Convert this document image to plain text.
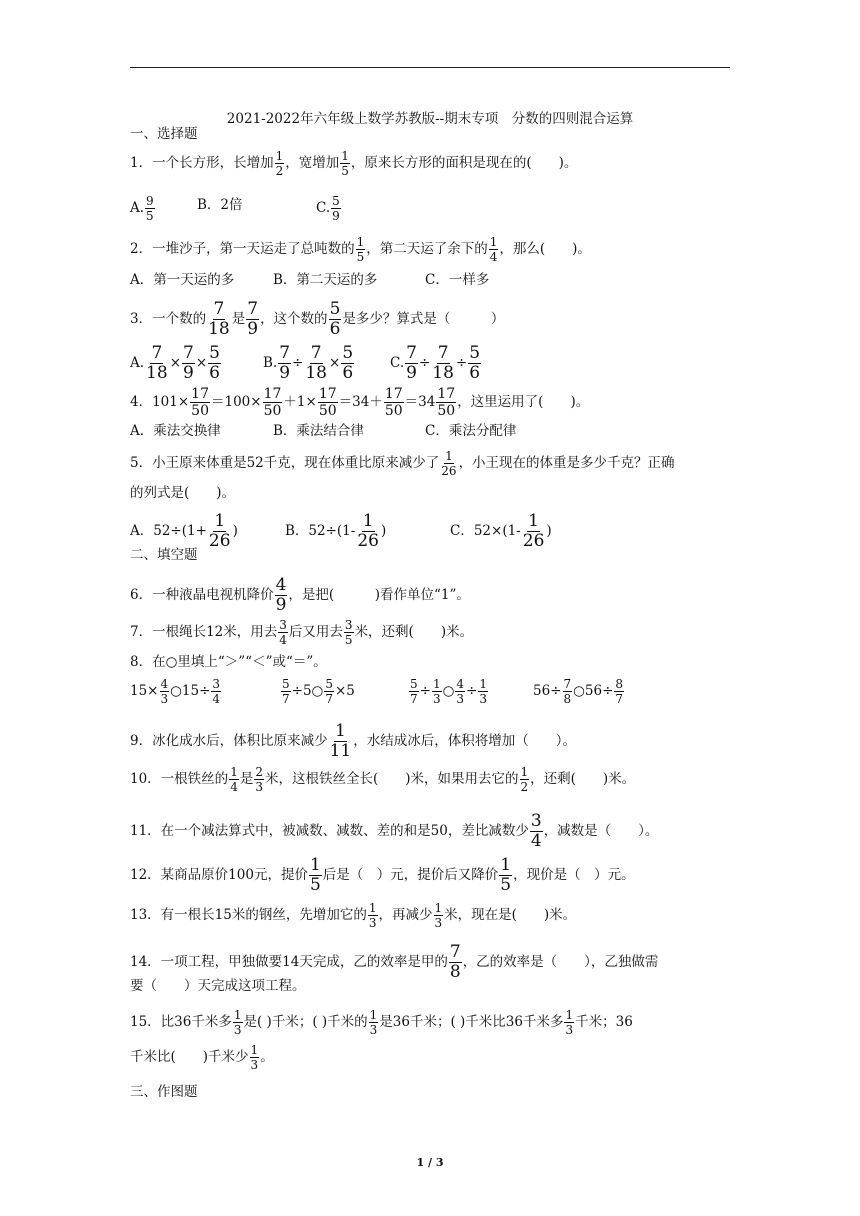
2021-2022年六年级上数学苏教版--期末专项　分数的四则混合运算
一、选择题
1．一个长方形，长增加 $\frac{1}{2}$ ，宽增加 $\frac{1}{5}$ ，原来长方形的面积是现在的(　　)。
A. $\frac{9}{5}$	B．2倍	C. $\frac{5}{9}$
2．一堆沙子，第一天运走了总吨数的 $\frac{1}{5}$ ，第二天运了余下的 $\frac{1}{4}$ ，那么(　　)。
A．第一天运的多	B．第二天运的多	C．一样多
3．一个数的 $\frac{7}{18}$ 是 $\frac{7}{9}$ ，这个数的 $\frac{5}{6}$ 是多少？算式是（　　　）
A. $\frac{7}{18} \times \frac{7}{9} \times \frac{5}{6}$	B. $\frac{7}{9} \div \frac{7}{18} \times \frac{5}{6}$	C. $\frac{7}{9} \div \frac{7}{18} \div \frac{5}{6}$
4．$101\times \frac{17}{50} =100\times \frac{17}{50} +1\times \frac{17}{50} =34+ \frac{17}{50} =34 \frac{17}{50}$ ，这里运用了(　　)。
A．乘法交换律	B．乘法结合律	C．乘法分配律
5．小王原来体重是52千克，现在体重比原来减少了 $\frac{1}{26}$ ，小王现在的体重是多少千克？正确
的列式是(　　)。
A．$52\div(1+ \frac{1}{26}$ )	B．$52\div(1- \frac{1}{26}$ )	C．$52\times(1- \frac{1}{26}$ )
二、填空题
6．一种液晶电视机降价 $\frac{4}{9}$ ，是把(　　　)看作单位“1”。
7．一根绳长12米，用去 $\frac{3}{4}$ 后又用去 $\frac{3}{5}$ 米，还剩(　　)米。
8．在○里填上“＞”“＜”或“＝”。
$15\times \frac{4}{3}$ ○15÷ $\frac{3}{4}$	$\frac{5}{7}$ ÷5○ $\frac{5}{7} \times 5$	$\frac{5}{7} \div \frac{1}{3}$ ○ $\frac{4}{3} \div \frac{1}{3}$	$56\div \frac{7}{8}$ ○56÷ $\frac{8}{7}$
9．冰化成水后，体积比原来减少 $\frac{1}{11}$ ，水结成冰后，体积将增加（　　）。
10．一根铁丝的 $\frac{1}{4}$ 是 $\frac{2}{3}$ 米，这根铁丝全长(　　)米，如果用去它的 $\frac{1}{2}$ ，还剩(　　)米。
11．在一个减法算式中，被减数、减数、差的和是50，差比减数少 $\frac{3}{4}$ ，减数是（　　）。
12．某商品原价100元，提价 $\frac{1}{5}$ 后是（　）元，提价后又降价 $\frac{1}{5}$ ，现价是（　）元。
13．有一根长15米的钢丝，先增加它的 $\frac{1}{3}$ ，再减少 $\frac{1}{3}$ 米，现在是(　　)米。
14．一项工程，甲独做要14天完成，乙的效率是甲的 $\frac{7}{8}$ ，乙的效率是（　　），乙独做需
要（　　）天完成这项工程。
15．比36千米多 $\frac{1}{3}$ 是( )千米；( )千米的 $\frac{1}{3}$ 是36千米；( )千米比36千米多 $\frac{1}{3}$ 千米；36
千米比(　　)千米少 $\frac{1}{3}$ 。
三、作图题
1 / 3
